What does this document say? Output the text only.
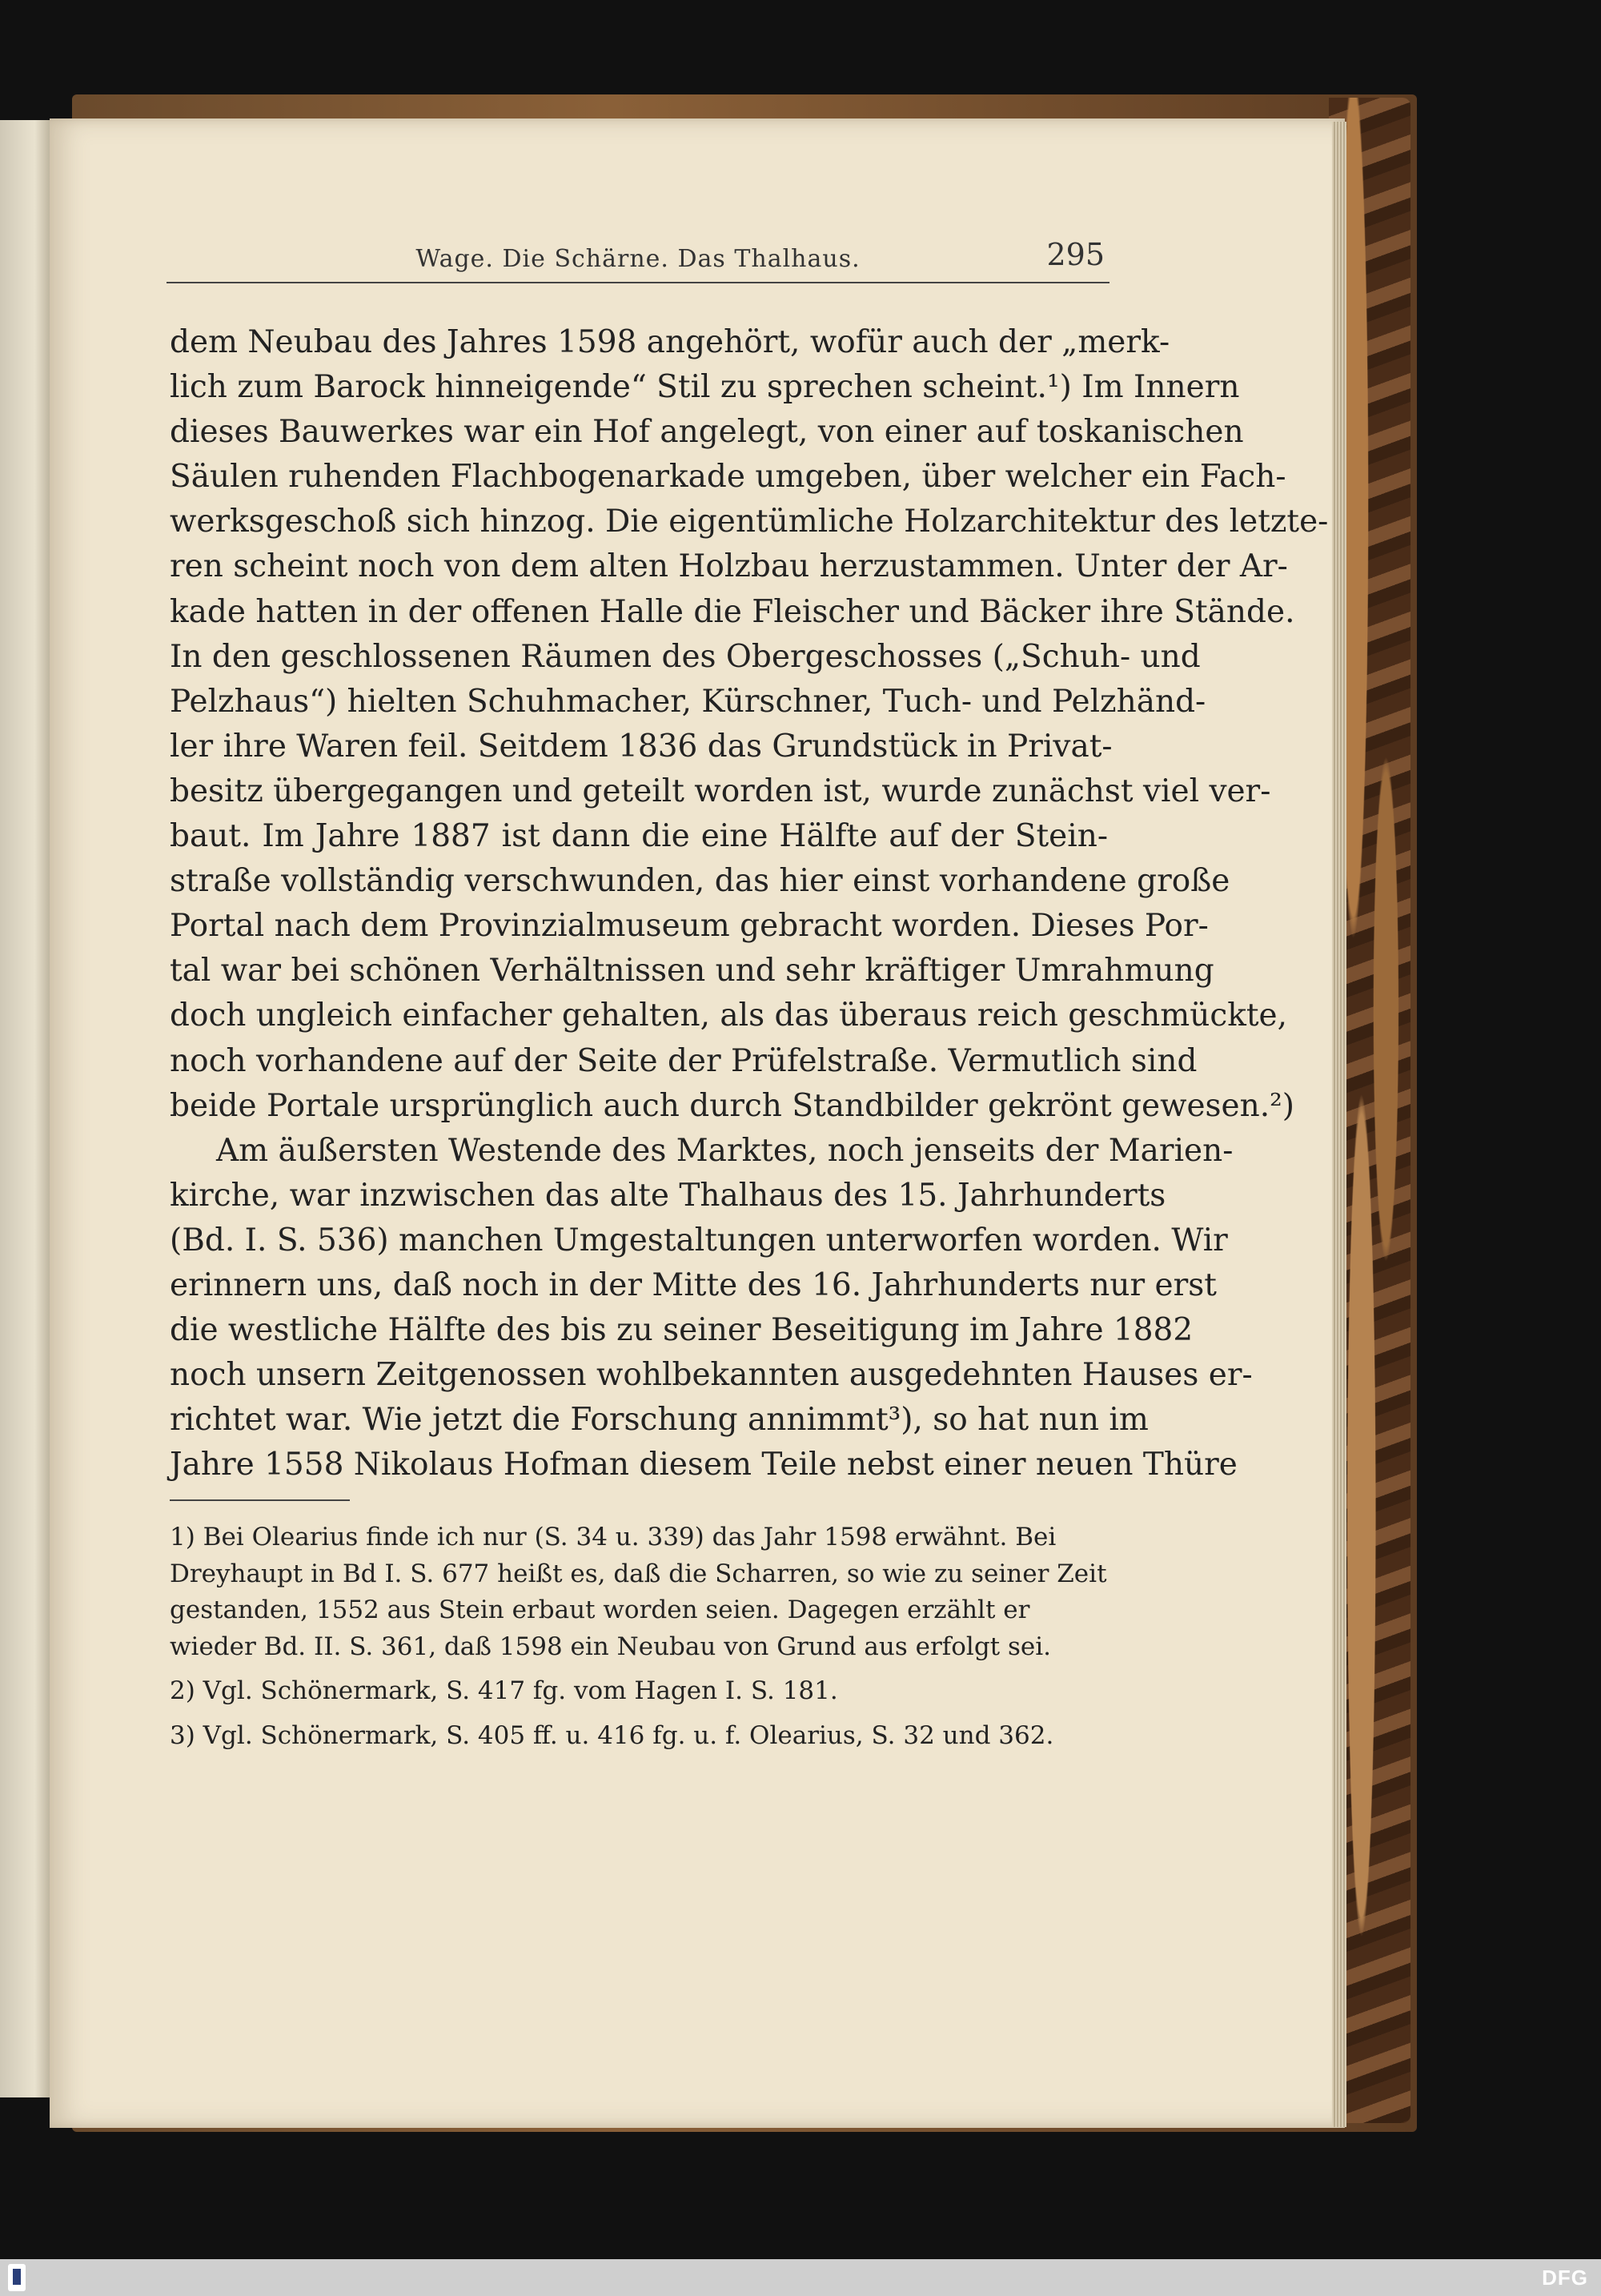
Wage. Die Schärne. Das Thalhaus.	295
dem Neubau des Jahres 1598 angehört, wofür auch der „merk-
lich zum Barock hinneigende“ Stil zu sprechen scheint.¹) Im Innern
dieses Bauwerkes war ein Hof angelegt, von einer auf toskanischen
Säulen ruhenden Flachbogenarkade umgeben, über welcher ein Fach-
werksgeschoß sich hinzog. Die eigentümliche Holzarchitektur des letzte-
ren scheint noch von dem alten Holzbau herzustammen. Unter der Ar-
kade hatten in der offenen Halle die Fleischer und Bäcker ihre Stände.
In den geschlossenen Räumen des Obergeschosses („Schuh- und
Pelzhaus“) hielten Schuhmacher, Kürschner, Tuch- und Pelzhänd-
ler ihre Waren feil. Seitdem 1836 das Grundstück in Privat-
besitz übergegangen und geteilt worden ist, wurde zunächst viel ver-
baut. Im Jahre 1887 ist dann die eine Hälfte auf der Stein-
straße vollständig verschwunden, das hier einst vorhandene große
Portal nach dem Provinzialmuseum gebracht worden. Dieses Por-
tal war bei schönen Verhältnissen und sehr kräftiger Umrahmung
doch ungleich einfacher gehalten, als das überaus reich geschmückte,
noch vorhandene auf der Seite der Prüfelstraße. Vermutlich sind
beide Portale ursprünglich auch durch Standbilder gekrönt gewesen.²)
Am äußersten Westende des Marktes, noch jenseits der Marien-
kirche, war inzwischen das alte Thalhaus des 15. Jahrhunderts
(Bd. I. S. 536) manchen Umgestaltungen unterworfen worden. Wir
erinnern uns, daß noch in der Mitte des 16. Jahrhunderts nur erst
die westliche Hälfte des bis zu seiner Beseitigung im Jahre 1882
noch unsern Zeitgenossen wohlbekannten ausgedehnten Hauses er-
richtet war. Wie jetzt die Forschung annimmt³), so hat nun im
Jahre 1558 Nikolaus Hofman diesem Teile nebst einer neuen Thüre
1) Bei Olearius finde ich nur (S. 34 u. 339) das Jahr 1598 erwähnt. Bei Dreyhaupt in Bd I. S. 677 heißt es, daß die Scharren, so wie zu seiner Zeit gestanden, 1552 aus Stein erbaut worden seien. Dagegen erzählt er wieder Bd. II. S. 361, daß 1598 ein Neubau von Grund aus erfolgt sei.
2) Vgl. Schönermark, S. 417 fg. vom Hagen I. S. 181.
3) Vgl. Schönermark, S. 405 ff. u. 416 fg. u. f. Olearius, S. 32 und 362.
DFG
